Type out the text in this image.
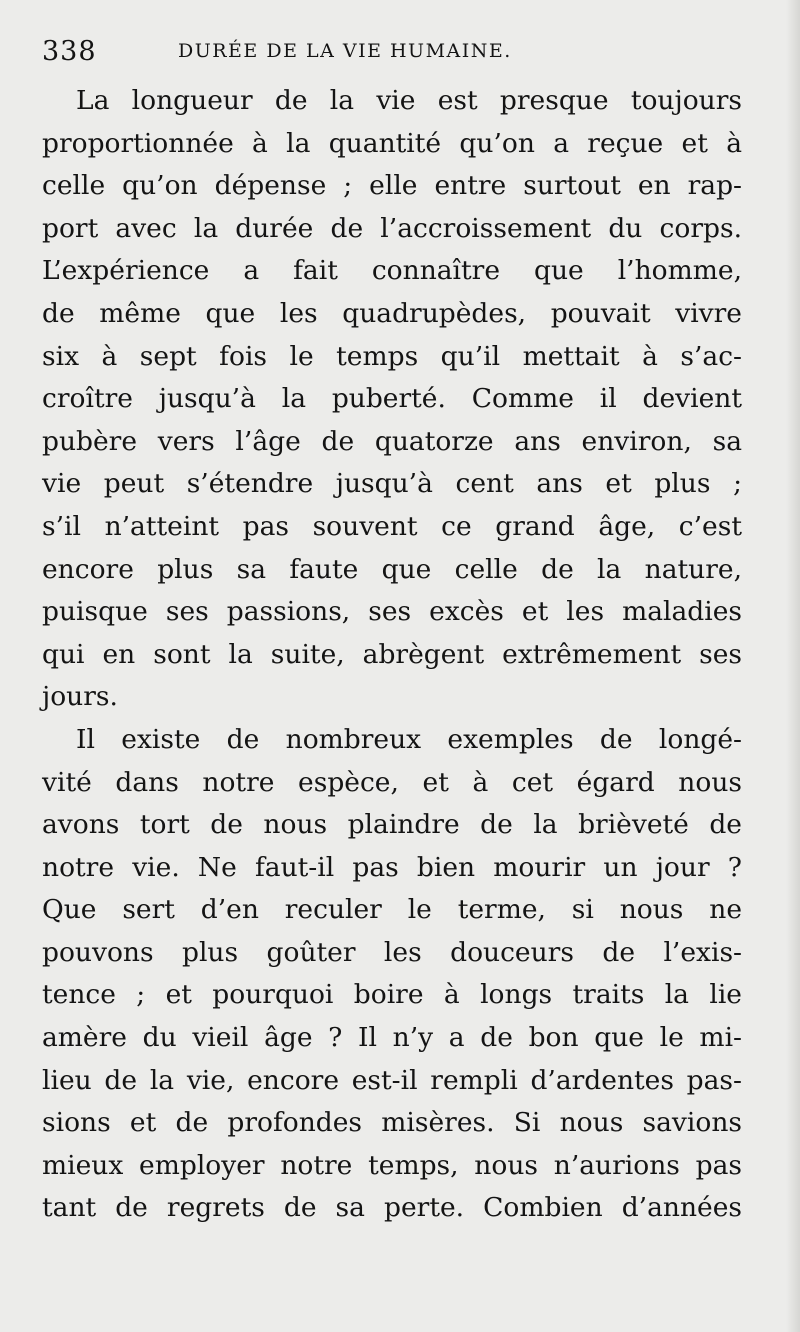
338	DURÉE DE LA VIE HUMAINE.
La longueur de la vie est presque toujours
proportionnée à la quantité qu’on a reçue et à
celle qu’on dépense ; elle entre surtout en rap-
port avec la durée de l’accroissement du corps.
L’expérience a fait connaître que l’homme,
de même que les quadrupèdes, pouvait vivre
six à sept fois le temps qu’il mettait à s’ac-
croître jusqu’à la puberté. Comme il devient
pubère vers l’âge de quatorze ans environ, sa
vie peut s’étendre jusqu’à cent ans et plus ;
s’il n’atteint pas souvent ce grand âge, c’est
encore plus sa faute que celle de la nature,
puisque ses passions, ses excès et les maladies
qui en sont la suite, abrègent extrêmement ses
jours.
Il existe de nombreux exemples de longé-
vité dans notre espèce, et à cet égard nous
avons tort de nous plaindre de la brièveté de
notre vie. Ne faut-il pas bien mourir un jour ?
Que sert d’en reculer le terme, si nous ne
pouvons plus goûter les douceurs de l’exis-
tence ; et pourquoi boire à longs traits la lie
amère du vieil âge ? Il n’y a de bon que le mi-
lieu de la vie, encore est-il rempli d’ardentes pas-
sions et de profondes misères. Si nous savions
mieux employer notre temps, nous n’aurions pas
tant de regrets de sa perte. Combien d’années
